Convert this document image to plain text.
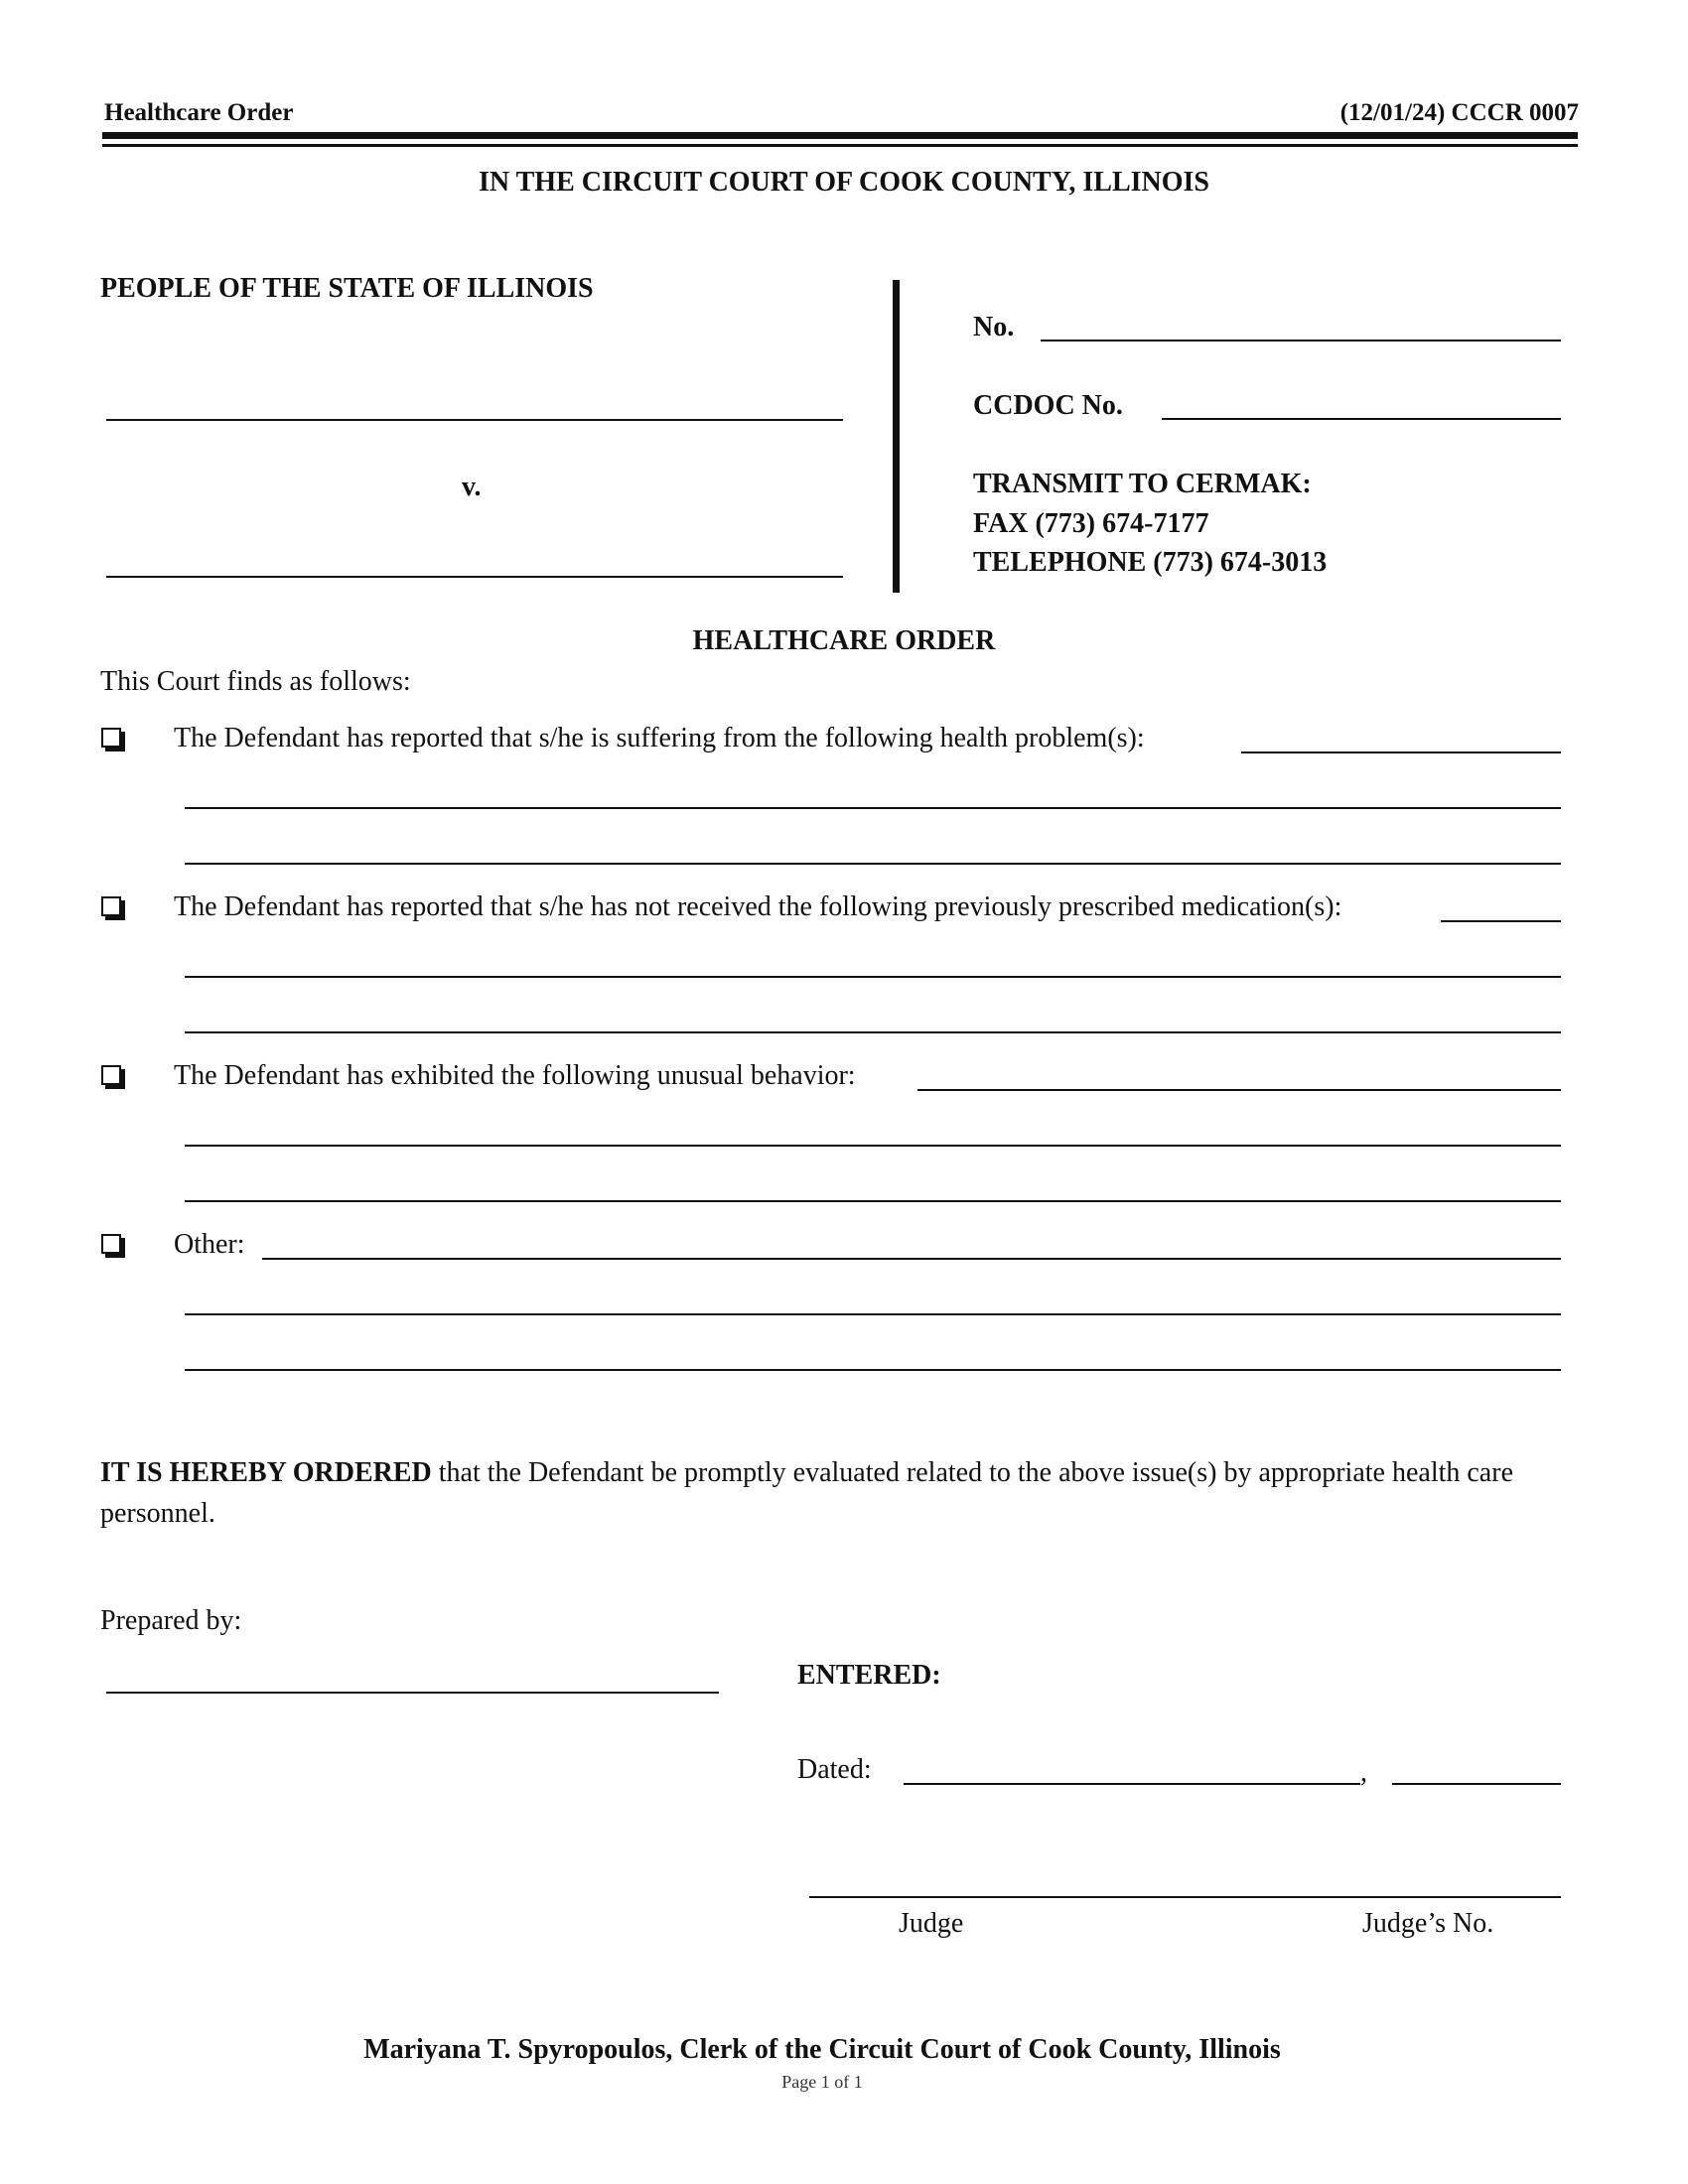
Healthcare Order	(12/01/24) CCCR 0007
IN THE CIRCUIT COURT OF COOK COUNTY, ILLINOIS
PEOPLE OF THE STATE OF ILLINOIS
v.
No.
CCDOC No.
TRANSMIT TO CERMAK:
FAX (773) 674-7177
TELEPHONE (773) 674-3013
HEALTHCARE ORDER
This Court finds as follows:
The Defendant has reported that s/he is suffering from the following health problem(s):
The Defendant has reported that s/he has not received the following previously prescribed medication(s):
The Defendant has exhibited the following unusual behavior:
Other:
IT IS HEREBY ORDERED that the Defendant be promptly evaluated related to the above issue(s) by appropriate health care personnel.
Prepared by:
ENTERED:
Dated:	,
Judge	Judge’s No.
Mariyana T. Spyropoulos, Clerk of the Circuit Court of Cook County, Illinois
Page 1 of 1
